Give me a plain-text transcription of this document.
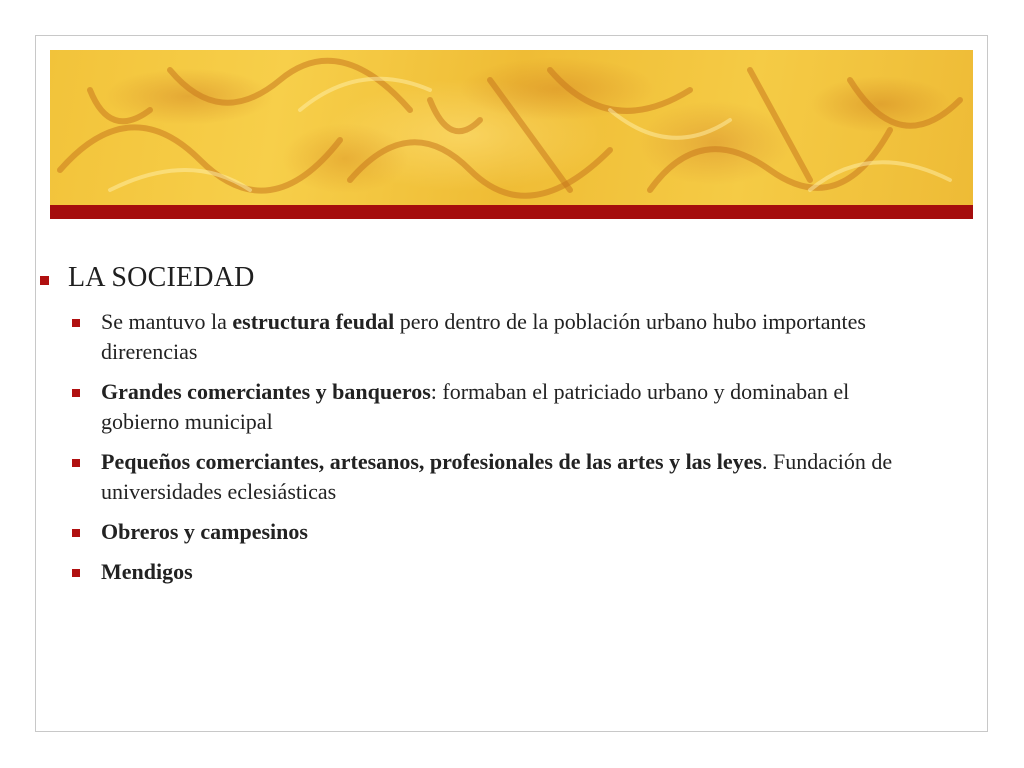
LA SOCIEDAD
Se mantuvo la estructura feudal pero dentro de la población urbano hubo importantes direrencias
Grandes comerciantes y banqueros: formaban el patriciado urbano y dominaban el gobierno municipal
Pequeños comerciantes, artesanos, profesionales de las artes y las leyes. Fundación de universidades eclesiásticas
Obreros y campesinos
Mendigos
